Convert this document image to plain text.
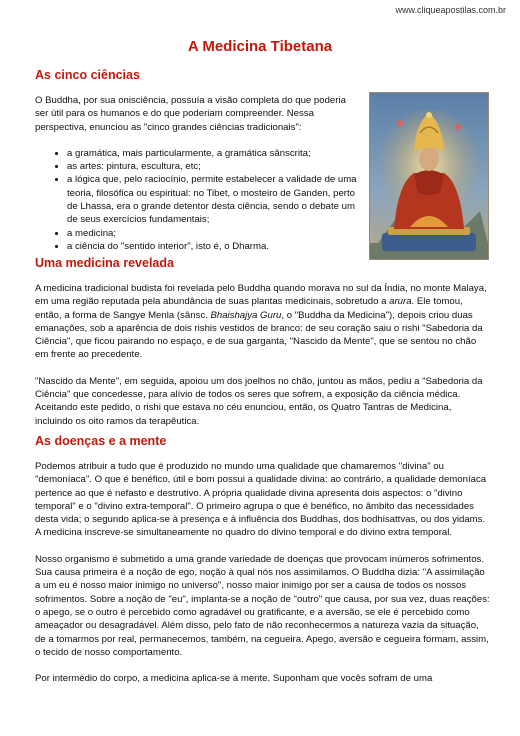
www.cliqueapostilas.com.br
A Medicina Tibetana
As cinco ciências

O Buddha, por sua onisciência, possuía a visão completa do que poderia ser útil para os humanos e do que poderiam compreender. Nessa perspectiva, enunciou as "cinco grandes ciências tradicionais":

• a gramática, mais particularmente, a gramática sânscrita;
• as artes: pintura, escultura, etc;
• a lógica que, pelo raciocínio, permite estabelecer a validade de uma teoria, filosófica ou espiritual: no Tibet, o mosteiro de Ganden, perto de Lhassa, era o grande detentor desta ciência, sendo o debate um de seus exercícios fundamentais;
• a medicina;
• a ciência do "sentido interior", isto é, o Dharma.
Uma medicina revelada

A medicina tradicional budista foi revelada pelo Buddha quando morava no sul da Índia, no monte Malaya, em uma região reputada pela abundância de suas plantas medicinais, sobretudo a arura. Ele tomou, então, a forma de Sangye Menla (sânsc. Bhaishajya Guru, o "Buddha da Medicina"), depois criou duas emanações, sob a aparência de dois rishis vestidos de branco: de seu coração saiu o rishi "Sabedoria da Ciência", que ficou pairando no espaço, e de sua garganta, "Nascido da Mente", que se sentou no chão em frente ao precedente.

"Nascido da Mente", em seguida, apoiou um dos joelhos no chão, juntou as mãos, pediu a "Sabedoria da Ciência" que concedesse, para alívio de todos os seres que sofrem, a exposição da ciência médica. Aceitando este pedido, o rishi que estava no céu enunciou, então, os Quatro Tantras de Medicina, incluindo os oito ramos da terapêutica.

As doenças e a mente

Podemos atribuir a tudo que é produzido no mundo uma qualidade que chamaremos "divina" ou "demoníaca". O que é benéfico, útil e bom possui a qualidade divina: ao contrário, a qualidade demoníaca pertence ao que é nefasto e destrutivo. A própria qualidade divina apresenta dois aspectos: o "divino temporal" e o "divino extra-temporal". O primeiro agrupa o que é benéfico, no âmbito das necessidades desta vida; o segundo aplica-se à presença e à influência dos Buddhas, dos bodhisattvas, ou dos yidams. A medicina inscreve-se simultaneamente no quadro do divino temporal e do divino extra temporal.

Nosso organismo é submetido a uma grande variedade de doenças que provocam inúmeros sofrimentos. Sua causa primeira é a noção de ego, noção à qual nós nos assimilamos. O Buddha dizia: "A assimilação a um eu é nosso maior inimigo no universo", nosso maior inimigo por ser a causa de todos os nossos sofrimentos. Sobre a noção de "eu", implanta-se a noção de "outro" que causa, por sua vez, duas reações: o apego, se o outro é percebido como agradável ou gratificante, e a aversão, se ele é percebido como ameaçador ou desagradável. Além disso, pelo fato de não reconhecermos a natureza vazia da situação, de a tomarmos por real, permanecemos, também, na cegueira. Apego, aversão e cegueira formam, assim, o tecido de nosso comportamento.

Por intermédio do corpo, a medicina aplica-se à mente. Suponham que vocês sofram de uma
